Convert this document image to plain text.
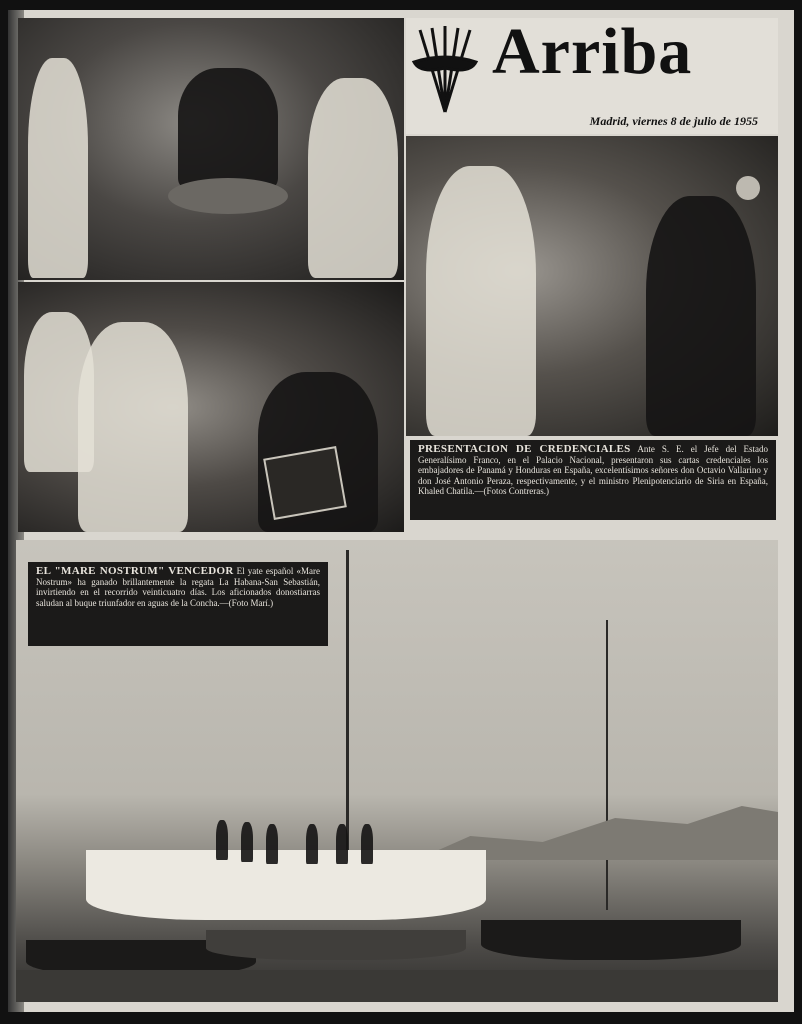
Arriba
Madrid, viernes 8 de julio de 1955
PRESENTACION DE CREDENCIALES Ante S. E. el Jefe del Estado Generalísimo Franco, en el Palacio Nacional, presentaron sus cartas credenciales los embajadores de Panamá y Honduras en España, excelentísimos señores don Octavio Vallarino y don José Antonio Peraza, respectivamente, y el ministro Plenipotenciario de Siria en España, Khaled Chatila.—(Fotos Contreras.)
EL "MARE NOSTRUM" VENCEDOR El yate español «Mare Nostrum» ha ganado brillantemente la regata La Habana-San Sebastián, invirtiendo en el recorrido veinticuatro días. Los aficionados donostiarras saludan al buque triunfador en aguas de la Concha.—(Foto Marí.)
